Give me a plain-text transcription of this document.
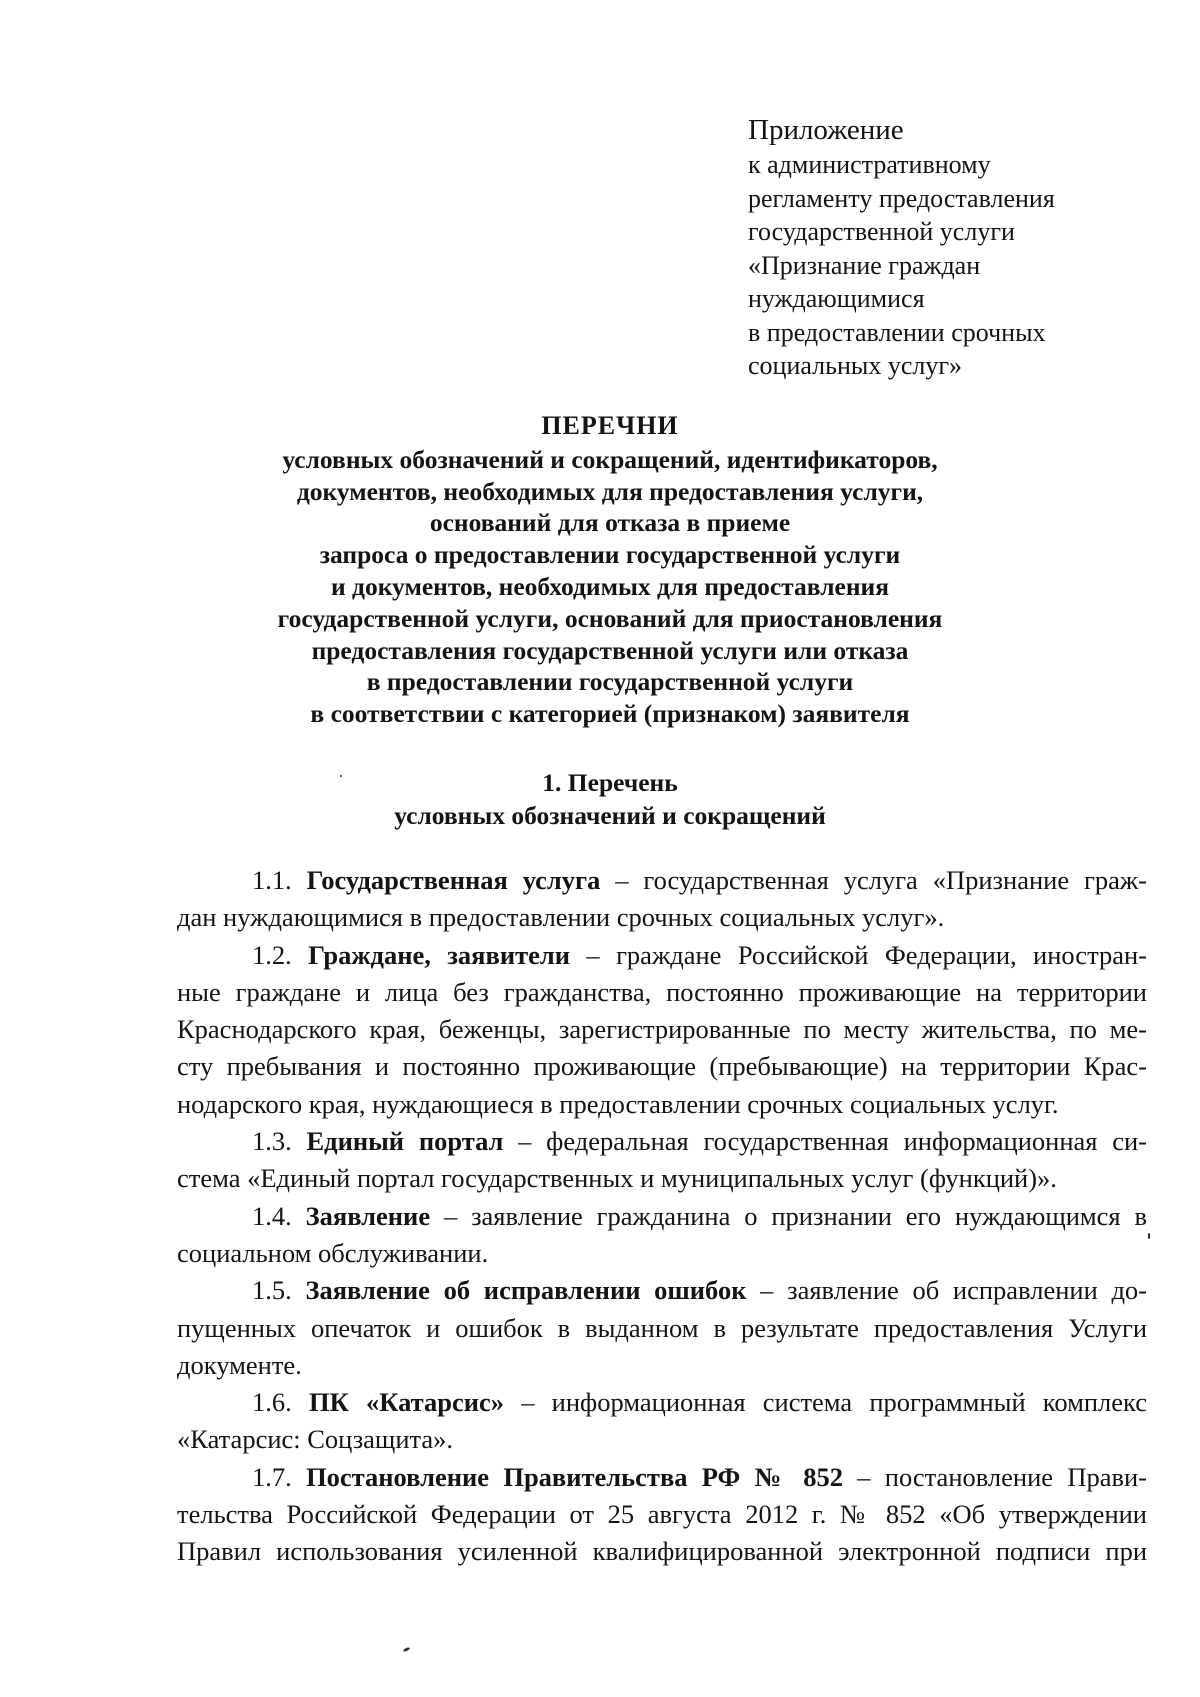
Приложение
к административному
регламенту предоставления
государственной услуги
«Признание граждан
нуждающимися
в предоставлении срочных
социальных услуг»
ПЕРЕЧНИ
условных обозначений и сокращений, идентификаторов,
документов, необходимых для предоставления услуги,
оснований для отказа в приеме
запроса о предоставлении государственной услуги
и документов, необходимых для предоставления
государственной услуги, оснований для приостановления
предоставления государственной услуги или отказа
в предоставлении государственной услуги
в соответствии с категорией (признаком) заявителя
1. Перечень
условных обозначений и сокращений
1.1. Государственная услуга – государственная услуга «Признание граж-
дан нуждающимися в предоставлении срочных социальных услуг».
1.2. Граждане, заявители – граждане Российской Федерации, иностран-
ные граждане и лица без гражданства, постоянно проживающие на территории
Краснодарского края, беженцы, зарегистрированные по месту жительства, по ме-
сту пребывания и постоянно проживающие (пребывающие) на территории Крас-
нодарского края, нуждающиеся в предоставлении срочных социальных услуг.
1.3. Единый портал – федеральная государственная информационная си-
стема «Единый портал государственных и муниципальных услуг (функций)».
1.4. Заявление – заявление гражданина о признании его нуждающимся в
социальном обслуживании.
1.5. Заявление об исправлении ошибок – заявление об исправлении до-
пущенных опечаток и ошибок в выданном в результате предоставления Услуги
документе.
1.6. ПК «Катарсис» – информационная система программный комплекс
«Катарсис: Соцзащита».
1.7. Постановление Правительства РФ № 852 – постановление Прави-
тельства Российской Федерации от 25 августа 2012 г. № 852 «Об утверждении
Правил использования усиленной квалифицированной электронной подписи при
